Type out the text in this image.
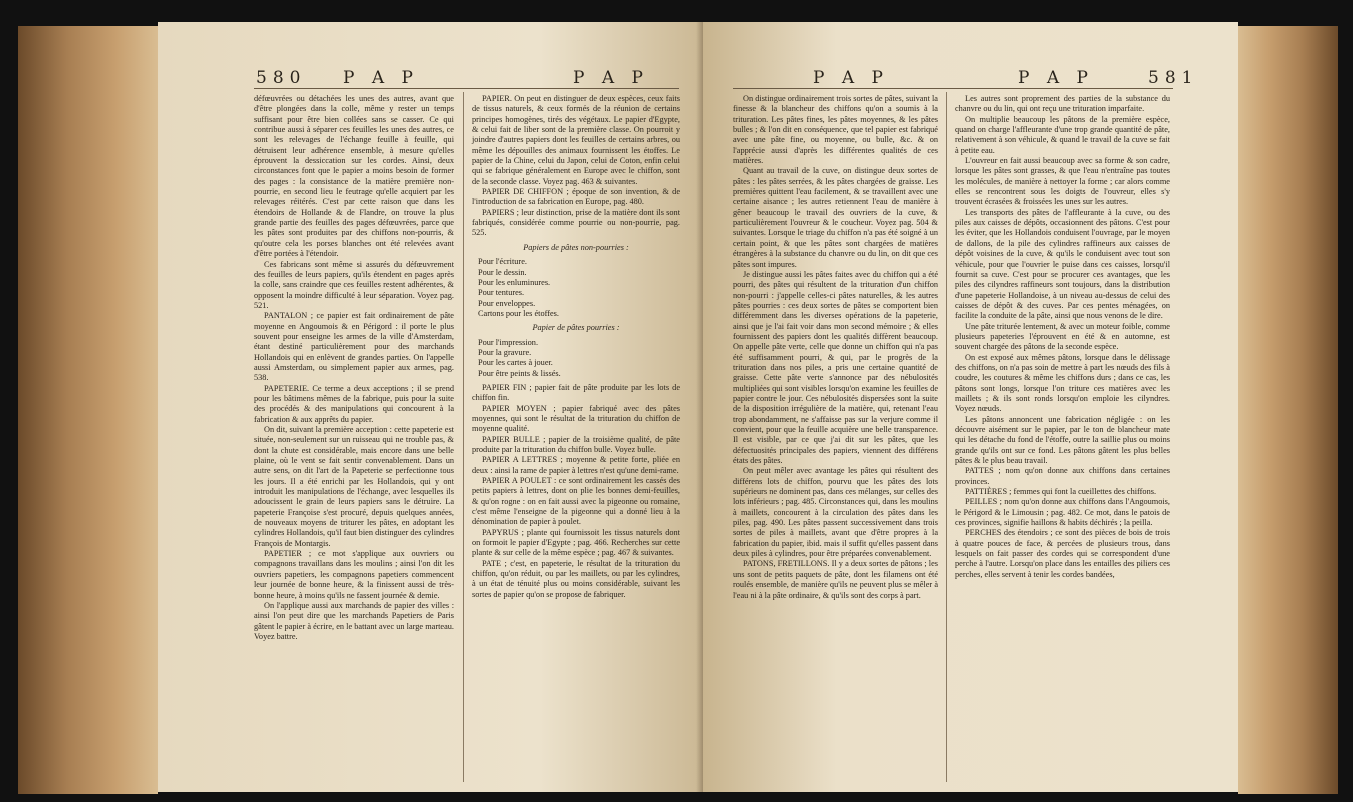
580 P A P	P A P

défœuvrées ou détachées les unes des autres, avant que d'être plongées dans la colle, même y rester un temps suffisant pour être bien collées sans se casser. Ce qui contribue aussi à séparer ces feuilles les unes des autres, ce sont les relevages de l'échange feuille à feuille, qui détruisent leur adhérence ensemble, à mesure qu'elles éprouvent la dessiccation sur les cordes. Ainsi, deux circonstances font que le papier a moins besoin de former des pages : la consistance de la matière première non-pourrie, en second lieu le feutrage qu'elle acquiert par les relevages réitérés. C'est par cette raison que dans les étendoirs de Hollande & de Flandre, on trouve la plus grande partie des feuilles des pages défœuvrées, parce que les pâtes sont produites par des chiffons non-pourris, & qu'outre cela les porses blanches ont été relevées avant d'être portées à l'étendoir.

Ces fabricans sont même si assurés du défœuvrement des feuilles de leurs papiers, qu'ils étendent en pages après la colle, sans craindre que ces feuilles restent adhérentes, & opposent la moindre difficulté à leur séparation. Voyez pag. 521.

PANTALON ; ce papier est fait ordinairement de pâte moyenne en Angoumois & en Périgord : il porte le plus souvent pour enseigne les armes de la ville d'Amsterdam, étant destiné particulièrement pour des marchands Hollandois qui en enlèvent de grandes parties. On l'appelle aussi Amsterdam, ou simplement papier aux armes, pag. 538.

PAPETERIE. Ce terme a deux acceptions ; il se prend pour les bâtimens mêmes de la fabrique, puis pour la suite des procédés & des manipulations qui concourent à la fabrication & aux apprêts du papier.

On dit, suivant la première acception : cette papeterie est située, non-seulement sur un ruisseau qui ne trouble pas, & dont la chute est considérable, mais encore dans une belle plaine, où le vent se fait sentir convenablement. Dans un autre sens, on dit l'art de la Papeterie se perfectionne tous les jours. Il a été enrichi par les Hollandois, qui y ont introduit les manipulations de l'échange, avec lesquelles ils adoucissent le grain de leurs papiers sans le détruire. La papeterie Françoise s'est procuré, depuis quelques années, de nouveaux moyens de triturer les pâtes, en adoptant les cylindres Hollandois, qu'il faut bien distinguer des cylindres François de Montargis.

PAPETIER ; ce mot s'applique aux ouvriers ou compagnons travaillans dans les moulins ; ainsi l'on dit les ouvriers papetiers, les compagnons papetiers commencent leur journée de bonne heure, & la finissent aussi de très-bonne heure, à moins qu'ils ne fassent journée & demie.

On l'applique aussi aux marchands de papier des villes : ainsi l'on peut dire que les marchands Papetiers de Paris gâtent le papier à écrire, en le battant avec un large marteau. Voyez battre.

PAPIER. On peut en distinguer de deux espèces, ceux faits de tissus naturels, & ceux formés de la réunion de certains principes homogènes, tirés des végétaux. Le papier d'Egypte, & celui fait de liber sont de la première classe. On pourroit y joindre d'autres papiers dont les feuilles de certains arbres, ou même les dépouilles des animaux fournissent les étoffes. Le papier de la Chine, celui du Japon, celui de Coton, enfin celui qui se fabrique généralement en Europe avec le chiffon, sont de la seconde classe. Voyez pag. 463 & suivantes.

PAPIER DE CHIFFON ; époque de son invention, & de l'introduction de sa fabrication en Europe, pag. 480.

PAPIERS ; leur distinction, prise de la matière dont ils sont fabriqués, considérée comme pourrie ou non-pourrie, pag. 525.

Papiers de pâtes non-pourries :

Pour l'écriture.
Pour le dessin.
Pour les enluminures.
Pour tentures.
Pour enveloppes.
Cartons pour les étoffes.

Papier de pâtes pourries :

Pour l'impression.
Pour la gravure.
Pour les cartes à jouer.
Pour être peints & lissés.

PAPIER FIN ; papier fait de pâte produite par les lots de chiffon fin.

PAPIER MOYEN ; papier fabriqué avec des pâtes moyennes, qui sont le résultat de la trituration du chiffon de moyenne qualité.

PAPIER BULLE ; papier de la troisième qualité, de pâte produite par la trituration du chiffon bulle. Voyez bulle.

PAPIER A LETTRES ; moyenne & petite forte, pliée en deux : ainsi la rame de papier à lettres n'est qu'une demi-rame.

PAPIER A POULET : ce sont ordinairement les cassés des petits papiers à lettres, dont on plie les bonnes demi-feuilles, & qu'on rogne : on en fait aussi avec la pigeonne ou romaine, c'est même l'enseigne de la pigeonne qui a donné lieu à la dénomination de papier à poulet.

PAPYRUS ; plante qui fournissoit les tissus naturels dont on formoit le papier d'Egypte ; pag. 466. Recherches sur cette plante & sur celle de la même espèce ; pag. 467 & suivantes.

PATE ; c'est, en papeterie, le résultat de la trituration du chiffon, qu'on réduit, ou par les maillets, ou par les cylindres, à un état de ténuité plus ou moins considérable, suivant les sortes de papier qu'on se propose de fabriquer.

P A P	P A P	581

On distingue ordinairement trois sortes de pâtes, suivant la finesse & la blancheur des chiffons qu'on a soumis à la trituration. Les pâtes fines, les pâtes moyennes, & les pâtes bulles ; & l'on dit en conséquence, que tel papier est fabriqué avec une pâte fine, ou moyenne, ou bulle, &c. & on l'apprécie aussi d'après les différentes qualités de ces matières.

Quant au travail de la cuve, on distingue deux sortes de pâtes : les pâtes serrées, & les pâtes chargées de graisse. Les premières quittent l'eau facilement, & se travaillent avec une certaine aisance ; les autres retiennent l'eau de manière à gêner beaucoup le travail des ouvriers de la cuve, & particulièrement l'ouvreur & le coucheur. Voyez pag. 504 & suivantes. Lorsque le triage du chiffon n'a pas été soigné à un certain point, & que les pâtes sont chargées de matières étrangères à la substance du chanvre ou du lin, on dit que ces pâtes sont impures.

Je distingue aussi les pâtes faites avec du chiffon qui a été pourri, des pâtes qui résultent de la trituration d'un chiffon non-pourri : j'appelle celles-ci pâtes naturelles, & les autres pâtes pourries : ces deux sortes de pâtes se comportent bien différemment dans les diverses opérations de la papeterie, ainsi que je l'ai fait voir dans mon second mémoire ; & elles fournissent des papiers dont les qualités diffèrent beaucoup. On appelle pâte verte, celle que donne un chiffon qui n'a pas été suffisamment pourri, & qui, par le progrès de la trituration dans nos piles, a pris une certaine quantité de graisse. Cette pâte verte s'annonce par des nébulosités multipliées qui sont visibles lorsqu'on examine les feuilles de papier contre le jour. Ces nébulosités dispersées sont la suite de la disposition irrégulière de la matière, qui, retenant l'eau trop abondamment, ne s'affaisse pas sur la verjure comme il convient, pour que la feuille acquière une belle transparence. Il est visible, par ce que j'ai dit sur les pâtes, que les défectuosités principales des papiers, viennent des différens états des pâtes.

On peut mêler avec avantage les pâtes qui résultent des différens lots de chiffon, pourvu que les pâtes des lots supérieurs ne dominent pas, dans ces mélanges, sur celles des lots inférieurs ; pag. 485. Circonstances qui, dans les moulins à maillets, concourent à la circulation des pâtes dans les piles, pag. 490. Les pâtes passent successivement dans trois sortes de piles à maillets, avant que d'être propres à la fabrication du papier, ibid. mais il suffit qu'elles passent dans deux piles à cylindres, pour être préparées convenablement.

PATONS, FRETILLONS. Il y a deux sortes de pâtons ; les uns sont de petits paquets de pâte, dont les filamens ont été roulés ensemble, de manière qu'ils ne peuvent plus se mêler à l'eau ni à la pâte ordinaire, & qu'ils sont des corps à part.

Les autres sont proprement des parties de la substance du chanvre ou du lin, qui ont reçu une trituration imparfaite.

On multiplie beaucoup les pâtons de la première espèce, quand on charge l'affleurante d'une trop grande quantité de pâte, relativement à son véhicule, & quand le travail de la cuve se fait à petite eau.

L'ouvreur en fait aussi beaucoup avec sa forme & son cadre, lorsque les pâtes sont grasses, & que l'eau n'entraîne pas toutes les molécules, de manière à nettoyer la forme ; car alors comme elles se rencontrent sous les doigts de l'ouvreur, elles s'y trouvent écrasées & froissées les unes sur les autres.

Les transports des pâtes de l'affleurante à la cuve, ou des piles aux caisses de dépôts, occasionnent des pâtons. C'est pour les éviter, que les Hollandois conduisent l'ouvrage, par le moyen de dallons, de la pile des cylindres raffineurs aux caisses de dépôt voisines de la cuve, & qu'ils le conduisent avec tout son véhicule, pour que l'ouvrier le puise dans ces caisses, lorsqu'il fournit sa cuve. C'est pour se procurer ces avantages, que les piles des cilyndres raffineurs sont toujours, dans la distribution d'une papeterie Hollandoise, à un niveau au-dessus de celui des caisses de dépôt & des cuves. Par ces pentes ménagées, on facilite la conduite de la pâte, ainsi que nous venons de le dire.

Une pâte triturée lentement, & avec un moteur foible, comme plusieurs papeteries l'éprouvent en été & en automne, est souvent chargée des pâtons de la seconde espèce.

On est exposé aux mêmes pâtons, lorsque dans le délissage des chiffons, on n'a pas soin de mettre à part les nœuds des fils à coudre, les coutures & même les chiffons durs ; dans ce cas, les pâtons sont longs, lorsque l'on triture ces matières avec les maillets ; & ils sont ronds lorsqu'on emploie les cilyndres. Voyez nœuds.

Les pâtons annoncent une fabrication négligée : on les découvre aisément sur le papier, par le ton de blancheur mate qui les détache du fond de l'étoffe, outre la saillie plus ou moins grande qu'ils ont sur ce fond. Les pâtons gâtent les plus belles pâtes & le plus beau travail.

PATTES ; nom qu'on donne aux chiffons dans certaines provinces.

PATTIÈRES ; femmes qui font la cueillettes des chiffons.

PEILLES ; nom qu'on donne aux chiffons dans l'Angoumois, le Périgord & le Limousin ; pag. 482. Ce mot, dans le patois de ces provinces, signifie haillons & habits déchirés ; la peilla.

PERCHES des étendoirs ; ce sont des pièces de bois de trois à quatre pouces de face, & percées de plusieurs trous, dans lesquels on fait passer des cordes qui se correspondent d'une perche à l'autre. Lorsqu'on place dans les entailles des piliers ces perches, elles servent à tenir les cordes bandées,
